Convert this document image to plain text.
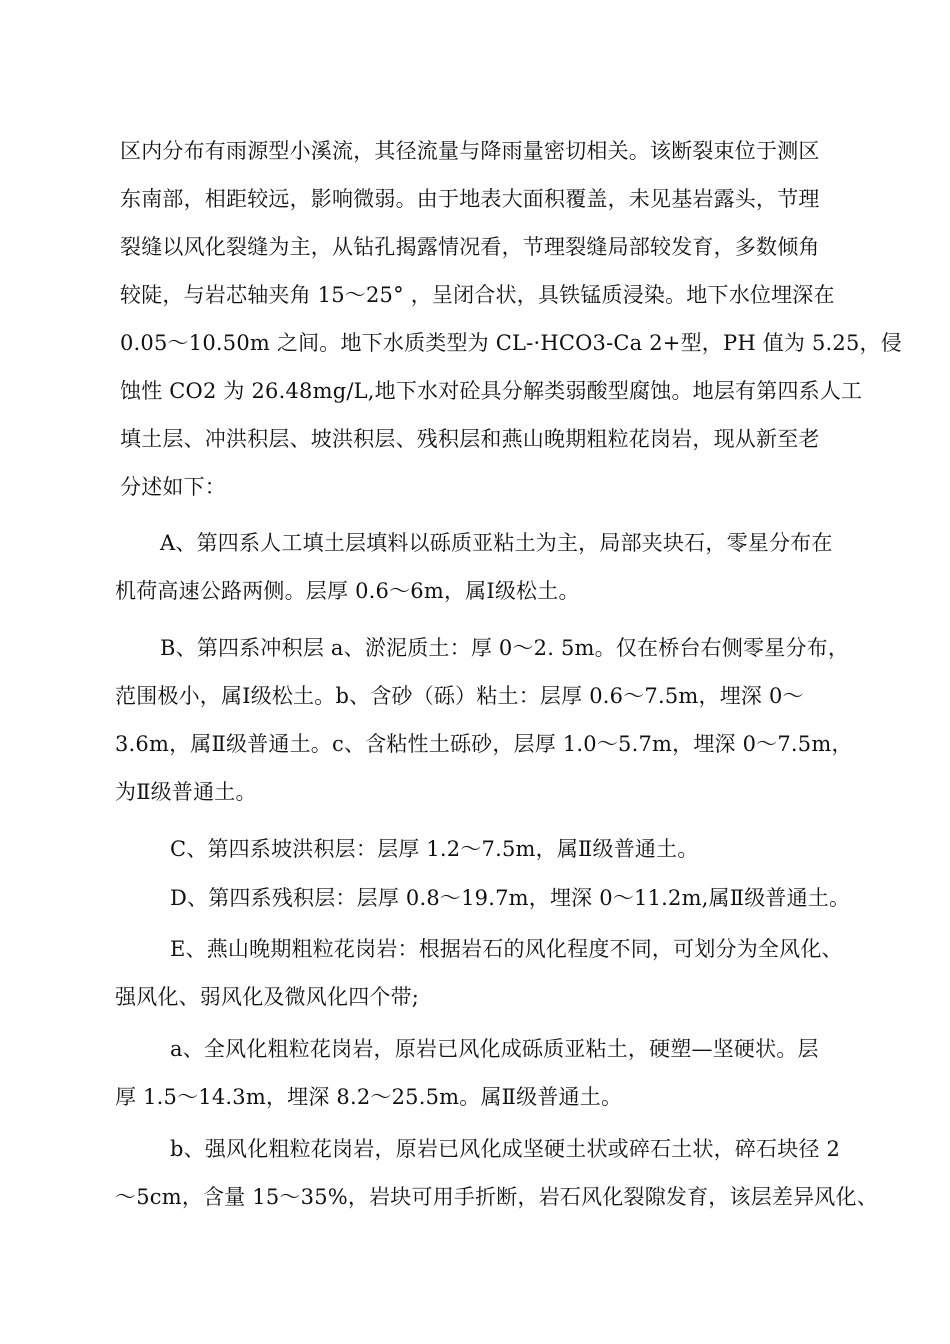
区内分布有雨源型小溪流，其径流量与降雨量密切相关。该断裂束位于测区
东南部，相距较远，影响微弱。由于地表大面积覆盖，未见基岩露头，节理
裂缝以风化裂缝为主，从钻孔揭露情况看，节理裂缝局部较发育，多数倾角
较陡，与岩芯轴夹角 15～25° ，呈闭合状，具铁锰质浸染。地下水位埋深在
0.05～10.50m 之间。地下水质类型为 CL-·HCO3-Ca 2+型，PH 值为 5.25，侵
蚀性 CO2 为 26.48mg/L,地下水对砼具分解类弱酸型腐蚀。地层有第四系人工
填土层、冲洪积层、坡洪积层、残积层和燕山晚期粗粒花岗岩，现从新至老
分述如下：
A、第四系人工填土层填料以砾质亚粘土为主，局部夹块石，零星分布在
机荷高速公路两侧。层厚 0.6～6m，属Ⅰ级松土。
B、第四系冲积层 a、淤泥质土：厚 0～2. 5m。仅在桥台右侧零星分布，
范围极小，属Ⅰ级松土。b、含砂（砾）粘土：层厚 0.6～7.5m，埋深 0～
3.6m，属Ⅱ级普通土。c、含粘性土砾砂，层厚 1.0～5.7m，埋深 0～7.5m，
为Ⅱ级普通土。
C、第四系坡洪积层：层厚 1.2～7.5m，属Ⅱ级普通土。
D、第四系残积层：层厚 0.8～19.7m，埋深 0～11.2m,属Ⅱ级普通土。
E、燕山晚期粗粒花岗岩：根据岩石的风化程度不同，可划分为全风化、
强风化、弱风化及微风化四个带;
a、全风化粗粒花岗岩，原岩已风化成砾质亚粘土，硬塑—坚硬状。层
厚 1.5～14.3m，埋深 8.2～25.5m。属Ⅱ级普通土。
b、强风化粗粒花岗岩，原岩已风化成坚硬土状或碎石土状，碎石块径 2
～5cm，含量 15～35%，岩块可用手折断，岩石风化裂隙发育，该层差异风化、
